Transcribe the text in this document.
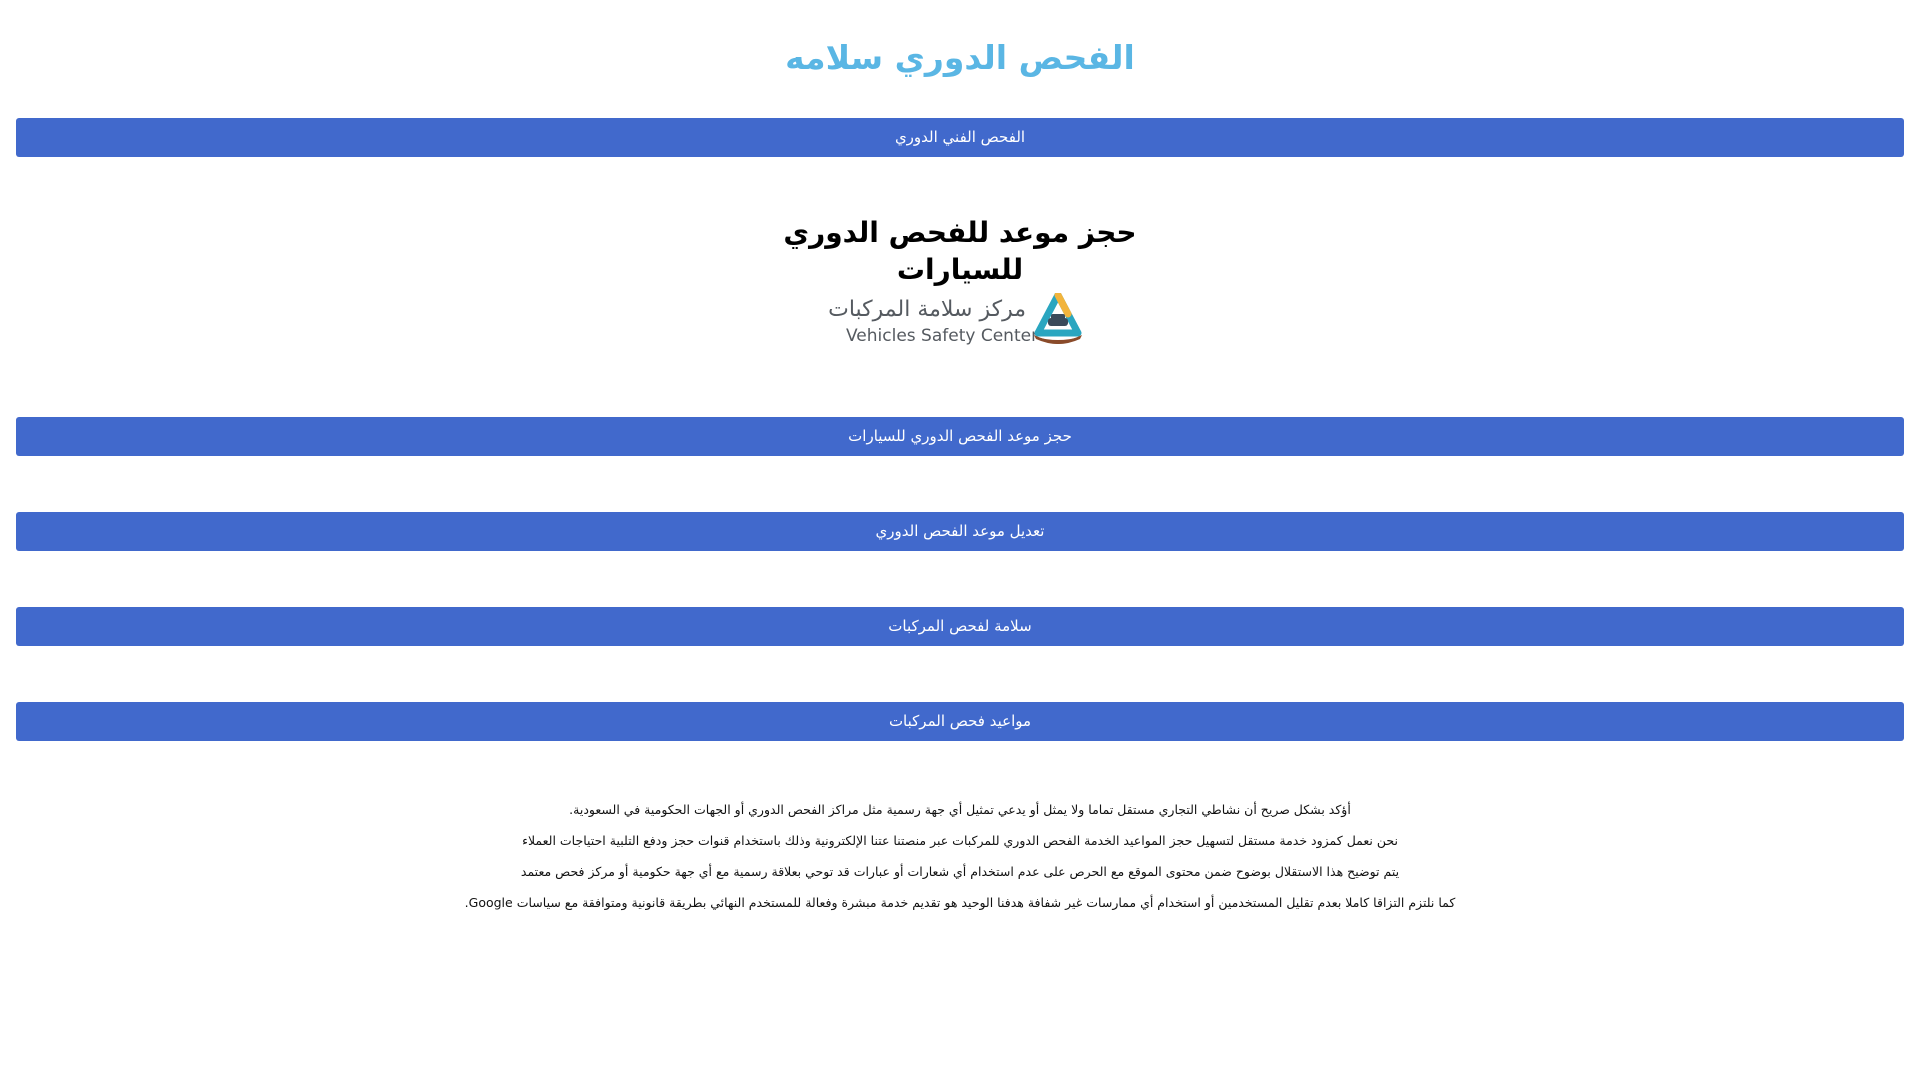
الفحص الدوري سلامه
الفحص الفني الدوري
حجز موعد للفحص الدوري
للسيارات
مركز سلامة المركبات
Vehicles Safety Center
حجز موعد الفحص الدوري للسيارات
تعديل موعد الفحص الدوري
سلامة لفحص المركبات
مواعيد فحص المركبات

أؤكد بشكل صريح أن نشاطي التجاري مستقل تماما ولا يمثل أو يدعي تمثيل أي جهة رسمية مثل مراكز الفحص الدوري أو الجهات الحكومية في السعودية.

نحن نعمل كمزود خدمة مستقل لتسهيل حجز المواعيد الخدمة الفحص الدوري للمركبات عبر منصتنا عتنا الإلكترونية وذلك باستخدام قنوات حجز ودفع التلبية احتياجات العملاء

يتم توضيح هذا الاستقلال بوضوح ضمن محتوى الموقع مع الحرص على عدم استخدام أي شعارات أو عبارات قد توحي بعلاقة رسمية مع أي جهة حكومية أو مركز فحص معتمد

كما نلتزم التزاقا كاملا بعدم تقليل المستخدمين أو استخدام أي ممارسات غير شفافة هدفنا الوحيد هو تقديم خدمة مبشرة وفعالة للمستخدم النهائي بطريقة قانونية ومتوافقة مع سياسات Google.
